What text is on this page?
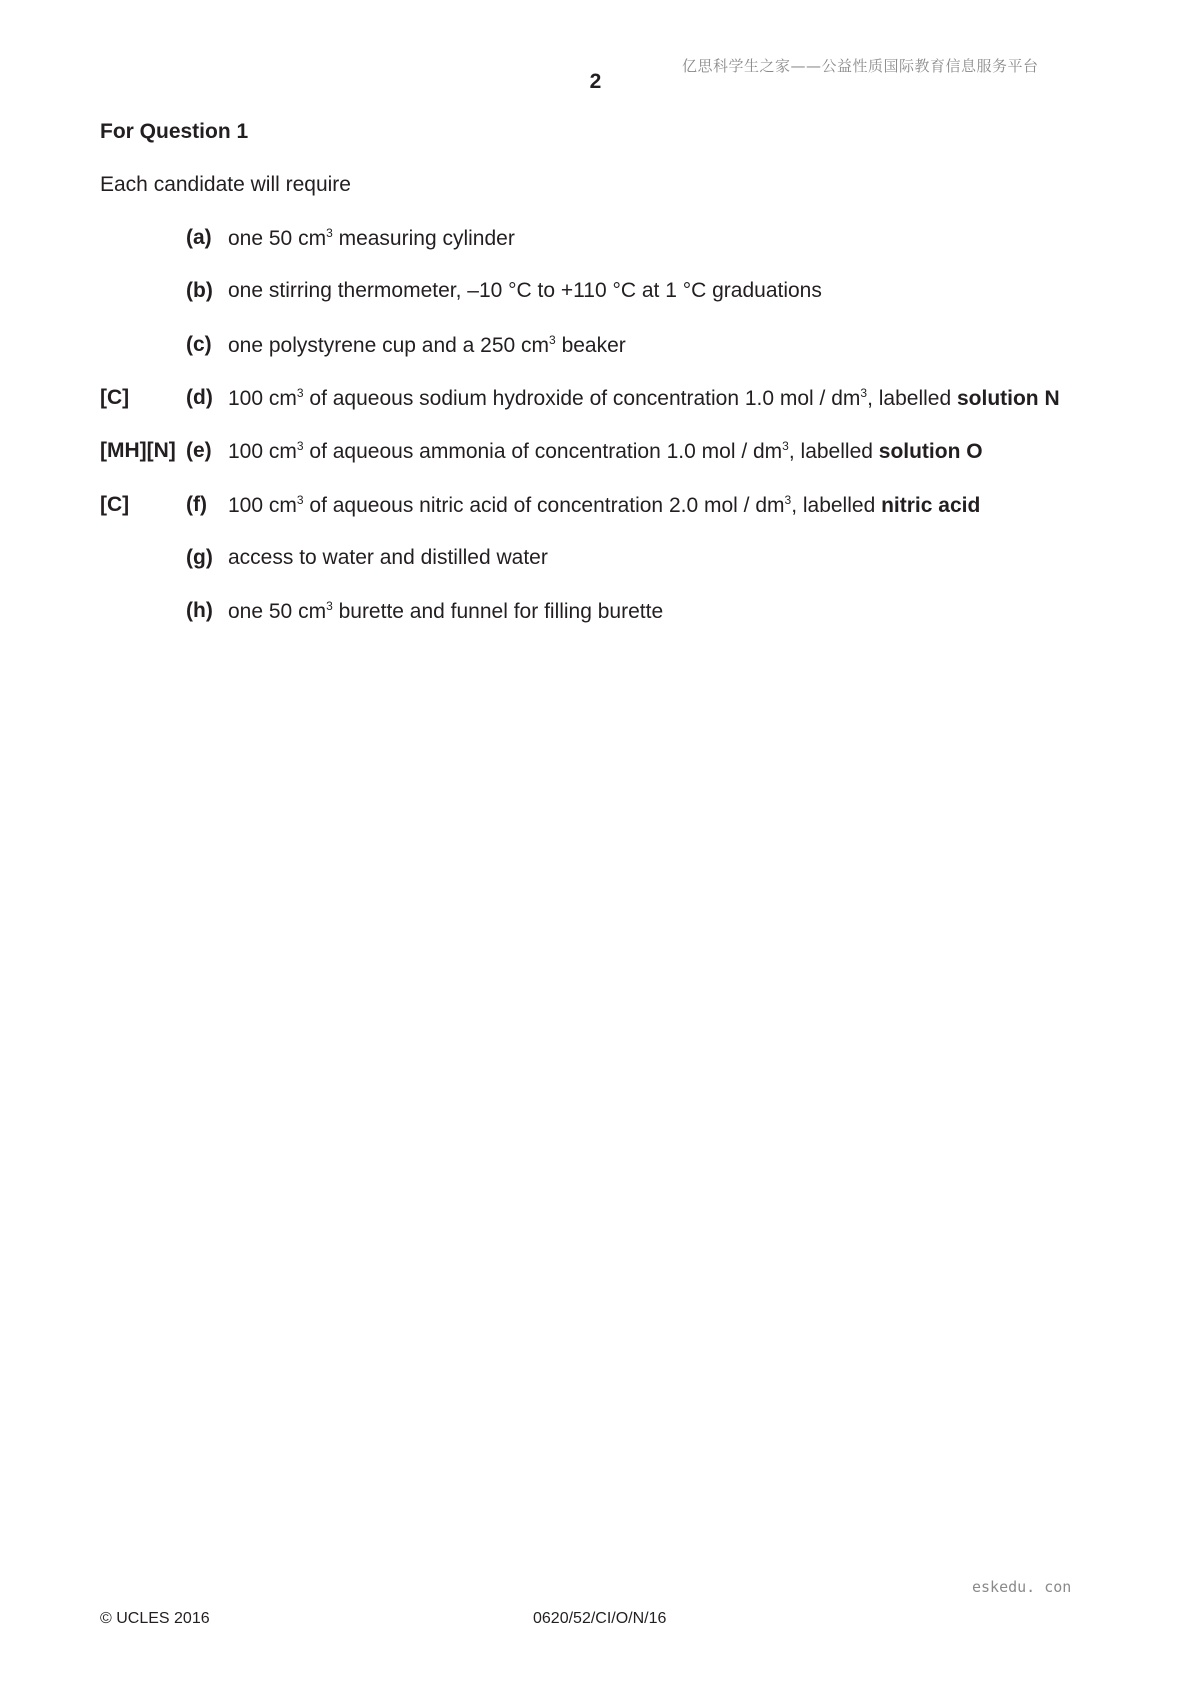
亿思科学生之家——公益性质国际教育信息服务平台
2
For Question 1
Each candidate will require
(a) one 50 $cm^3$ measuring cylinder
(b) one stirring thermometer, –10 °C to +110 °C at 1 °C graduations
(c) one polystyrene cup and a 250 $cm^3$ beaker
[C]	(d) 100 $cm^3$ of aqueous sodium hydroxide of concentration 1.0 mol / $dm^3$, labelled solution N
[MH][N] (e) 100 $cm^3$ of aqueous ammonia of concentration 1.0 mol / $dm^3$, labelled solution O
[C]	(f) 100 $cm^3$ of aqueous nitric acid of concentration 2.0 mol / $dm^3$, labelled nitric acid
(g) access to water and distilled water
(h) one 50 $cm^3$ burette and funnel for filling burette
eskedu. con
© UCLES 2016	0620/52/CI/O/N/16
